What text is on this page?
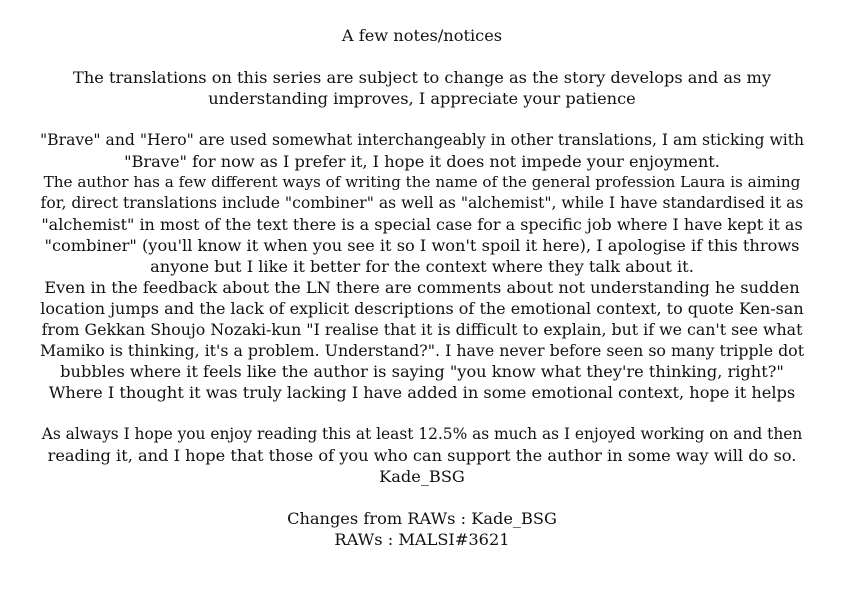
A few notes/notices
The translations on this series are subject to change as the story develops and as my
understanding improves, I appreciate your patience
"Brave" and "Hero" are used somewhat interchangeably in other translations, I am sticking with
"Brave" for now as I prefer it, I hope it does not impede your enjoyment.
The author has a few different ways of writing the name of the general profession Laura is aiming
for, direct translations include "combiner" as well as "alchemist", while I have standardised it as
"alchemist" in most of the text there is a special case for a specific job where I have kept it as
"combiner" (you'll know it when you see it so I won't spoil it here), I apologise if this throws
anyone but I like it better for the context where they talk about it.
Even in the feedback about the LN there are comments about not understanding he sudden
location jumps and the lack of explicit descriptions of the emotional context, to quote Ken-san
from Gekkan Shoujo Nozaki-kun "I realise that it is difficult to explain, but if we can't see what
Mamiko is thinking, it's a problem. Understand?". I have never before seen so many tripple dot
bubbles where it feels like the author is saying "you know what they're thinking, right?"
Where I thought it was truly lacking I have added in some emotional context, hope it helps
As always I hope you enjoy reading this at least 12.5% as much as I enjoyed working on and then
reading it, and I hope that those of you who can support the author in some way will do so.
Kade_BSG
Changes from RAWs : Kade_BSG
RAWs : MALSI#3621
